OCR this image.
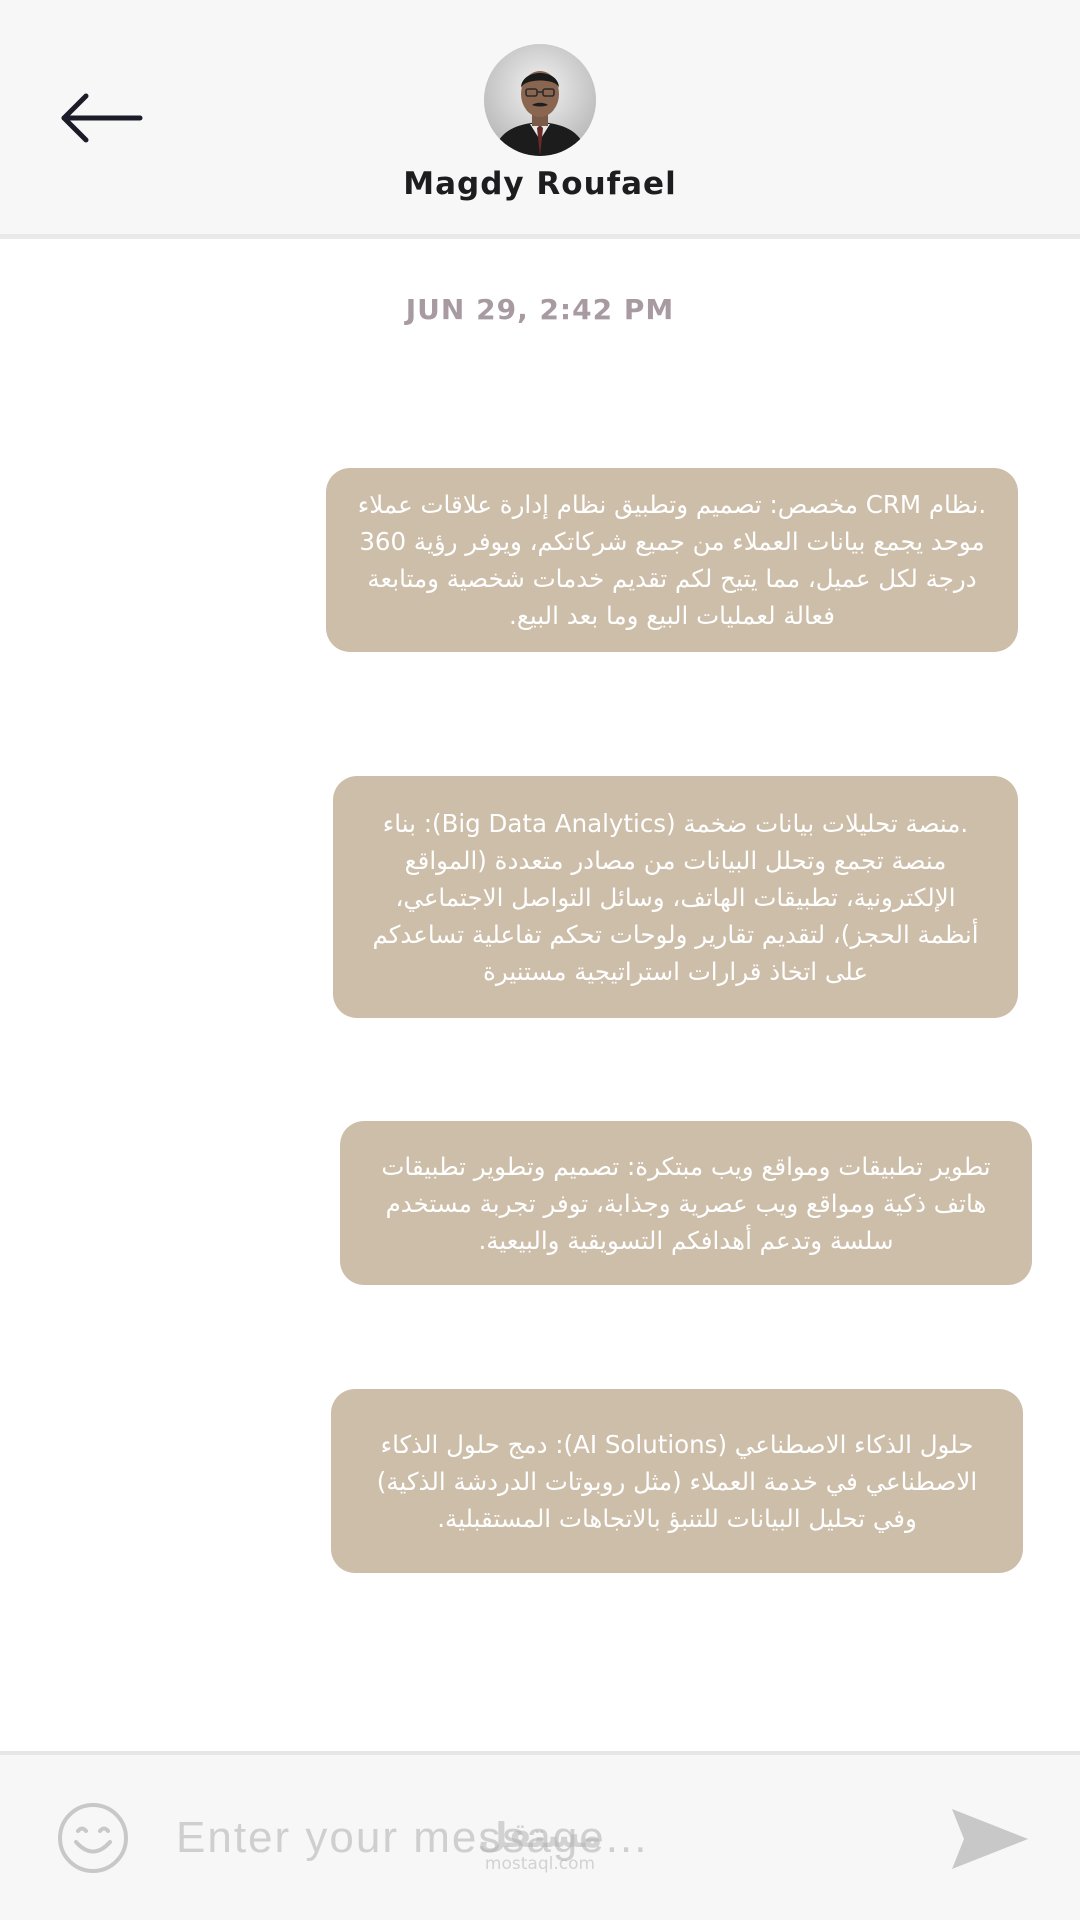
Magdy Roufael
JUN 29, 2:42 PM
.نظام CRM مخصص: تصميم وتطبيق نظام إدارة علاقات عملاء
موحد يجمع بيانات العملاء من جميع شركاتكم، ويوفر رؤية 360
درجة لكل عميل، مما يتيح لكم تقديم خدمات شخصية ومتابعة
فعالة لعمليات البيع وما بعد البيع.
.منصة تحليلات بيانات ضخمة (Big Data Analytics): بناء
منصة تجمع وتحلل البيانات من مصادر متعددة (المواقع
الإلكترونية، تطبيقات الهاتف، وسائل التواصل الاجتماعي،
أنظمة الحجز)، لتقديم تقارير ولوحات تحكم تفاعلية تساعدكم
على اتخاذ قرارات استراتيجية مستنيرة
تطوير تطبيقات ومواقع ويب مبتكرة: تصميم وتطوير تطبيقات
هاتف ذكية ومواقع ويب عصرية وجذابة، توفر تجربة مستخدم
سلسة وتدعم أهدافكم التسويقية والبيعية.
حلول الذكاء الاصطناعي (AI Solutions): دمج حلول الذكاء
الاصطناعي في خدمة العملاء (مثل روبوتات الدردشة الذكية)
وفي تحليل البيانات للتنبؤ بالاتجاهات المستقبلية.
Enter your message...
مستقل
mostaql.com
